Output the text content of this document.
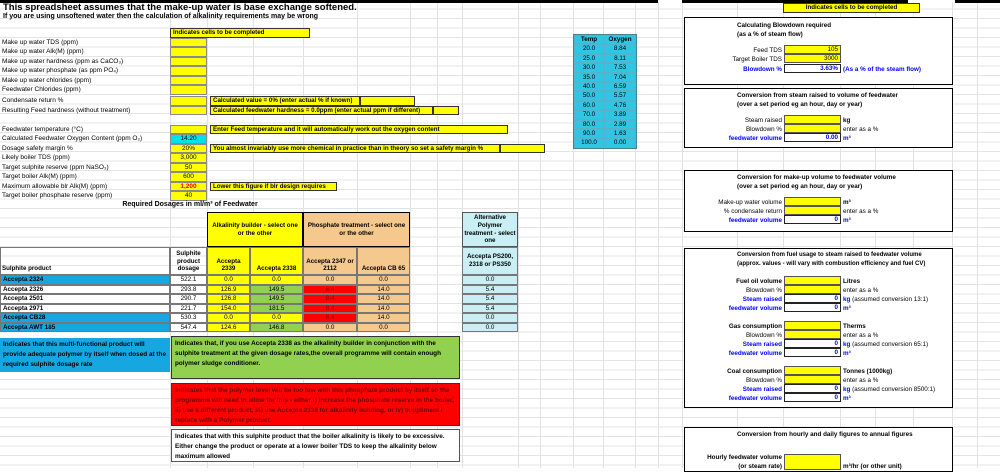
This spreadsheet assumes that the make-up water is base exchange softened.
If you are using unsoftened water then the calculation of alkalinity requirements may be wrong
Indicates cells to be completed
Make up water TDS (ppm)
Make up water Alk(M) (ppm)
Make up water hardness (ppm as CaCO₃)
Make up water phosphate (as ppm PO₄)
Make up water chlorides (ppm)
Feedwater Chlorides (ppm)
Condensate return %	Calculated value = 0% (enter actual % if known)
Resulting Feed hardness (without treatment)	Calculated feedwater hardness = 0.0ppm (enter actual ppm if different)
Feedwater temperature (°C)	Enter Feed temperature and it will automatically work out the oxygen content
Calculated Feedwater Oxygen Content (ppm O₂)	14.20
Dosage safety margin %	20%	You almost invariably use more chemical in practice than in theory so set a safety margin %
Likely boiler TDS (ppm)	3,000
Target sulphite reserve (ppm NaSO₃)	50
Target boiler Alk(M) (ppm)	600
Maximum allowable blr Alk(M) (ppm)	1,200	Lower this figure if blr design requires
Target boiler phosphate reserve (ppm)	40
Temp	Oxygen
20.0	8.84
25.0	8.11
30.0	7.53
35.0	7.04
40.0	6.59
50.0	5.57
60.0	4.76
70.0	3.89
80.0	2.89
90.0	1.63
100.0	0.00
Required Dosages in ml/m³ of Feedwater
Alkalinity builder - select one or the other
Phosphate treatment - select one or the other
Alternative Polymer treatment - select one
Sulphite product
Sulphite product dosage
Accepta 2339	Accepta 2338
Accepta 2347 or 2112	Accepta CB 65
Accepta PS200, 2318 or PS350
Accepta 2324	522.1	0.0	0.0	0.0	0.0	0.0
Accepta 2326	293.8	126.9	149.5	8.4	14.0	5.4
Accepta 2501	290.7	126.8	149.5	8.4	14.0	5.4
Accepta 2971	221.7	154.0	181.5	8.4	14.0	5.4
Accepta CB28	530.3	0.0	0.0	8.4	14.0	0.0
Accepta AWT 185	547.4	124.6	146.8	0.0	0.0	0.0
Indicates that this multi-functional product will provide adequate polymer by itself when dosed at the required sulphite dosage rate
Indicates that, if you use Accepta 2338 as the alkalinity builder in conjunction with the sulphite treatment at the given dosage rates,the overall programme will contain enough polymer sludge conditioner.
Indicates that the polymer level will be too low with this phosphate product by itself so the programme will need to allow for this - either i) increase the phosphate reserve in the boiler, ii) use a different product, iii) use Accepta 2338 for alkalinity building, or iv) suppliment / replace with a Polymer product
Indicates that with this sulphite product that the boiler alkalinity is likely to be excessive. Either change the product or operate at a lower boiler TDS to keep the alkalinity below maximum allowed
Indicates cells to be completed
Calculating Blowdown required
(as a % of steam flow)
Feed TDS	105
Target Boiler TDS	3000
Blowdown %	3.63% (As a % of the steam flow)
Conversion from steam raised to volume of feedwater
(over a set period eg an hour, day or year)
Steam raised	kg
Blowdown %	enter as a %
feedwater volume	0.00 m³
Conversion for make-up volume to feedwater volume
(over a set period eg an hour, day or year)
Make-up water volume	m³
% condensate return	enter as a %
feedwater volume	0 m³
Conversion from fuel usage to steam raised to feedwater volume
(approx. values - will vary with combustion efficiency and fuel CV)
Fuel oil volume	Litres
Blowdown %	enter as a %
Steam raised	0 kg (assumed conversion 13:1)
feedwater volume	0 m³
Gas consumption	Therms
Blowdown %	enter as a %
Steam raised	0 kg (assumed conversion 65:1)
feedwater volume	0 m³
Coal consumption	Tonnes (1000kg)
Blowdown %	enter as a %
Steam raised	0 kg (assumed conversion 8500:1)
feedwater volume	0 m³
Conversion from hourly and daily figures to annual figures
Hourly feedwater volume
(or steam rate)	m³/hr (or other unit)
